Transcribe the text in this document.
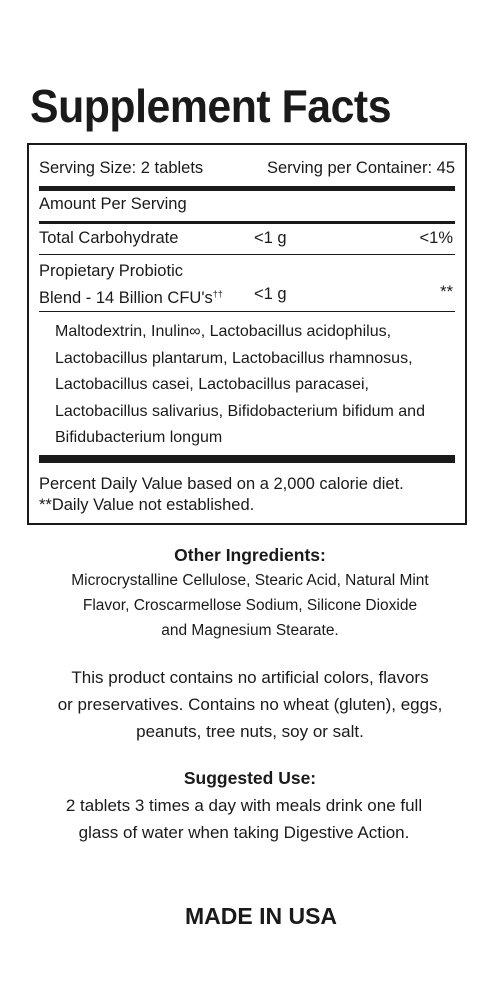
Supplement Facts
Serving Size: 2 tablets	Serving per Container: 45
Amount Per Serving
Total Carbohydrate	<1 g	<1%
Propietary Probiotic
Blend - 14 Billion CFU's††	<1 g	**
Maltodextrin, Inulin∞, Lactobacillus acidophilus,
Lactobacillus plantarum, Lactobacillus rhamnosus,
Lactobacillus casei, Lactobacillus paracasei,
Lactobacillus salivarius, Bifidobacterium bifidum and
Bifidubacterium longum
Percent Daily Value based on a 2,000 calorie diet.
**Daily Value not established.
Other Ingredients:
Microcrystalline Cellulose, Stearic Acid, Natural Mint
Flavor, Croscarmellose Sodium, Silicone Dioxide
and Magnesium Stearate.
This product contains no artificial colors, flavors
or preservatives. Contains no wheat (gluten), eggs,
peanuts, tree nuts, soy or salt.
Suggested Use:
2 tablets 3 times a day with meals drink one full
glass of water when taking Digestive Action.
MADE IN USA
